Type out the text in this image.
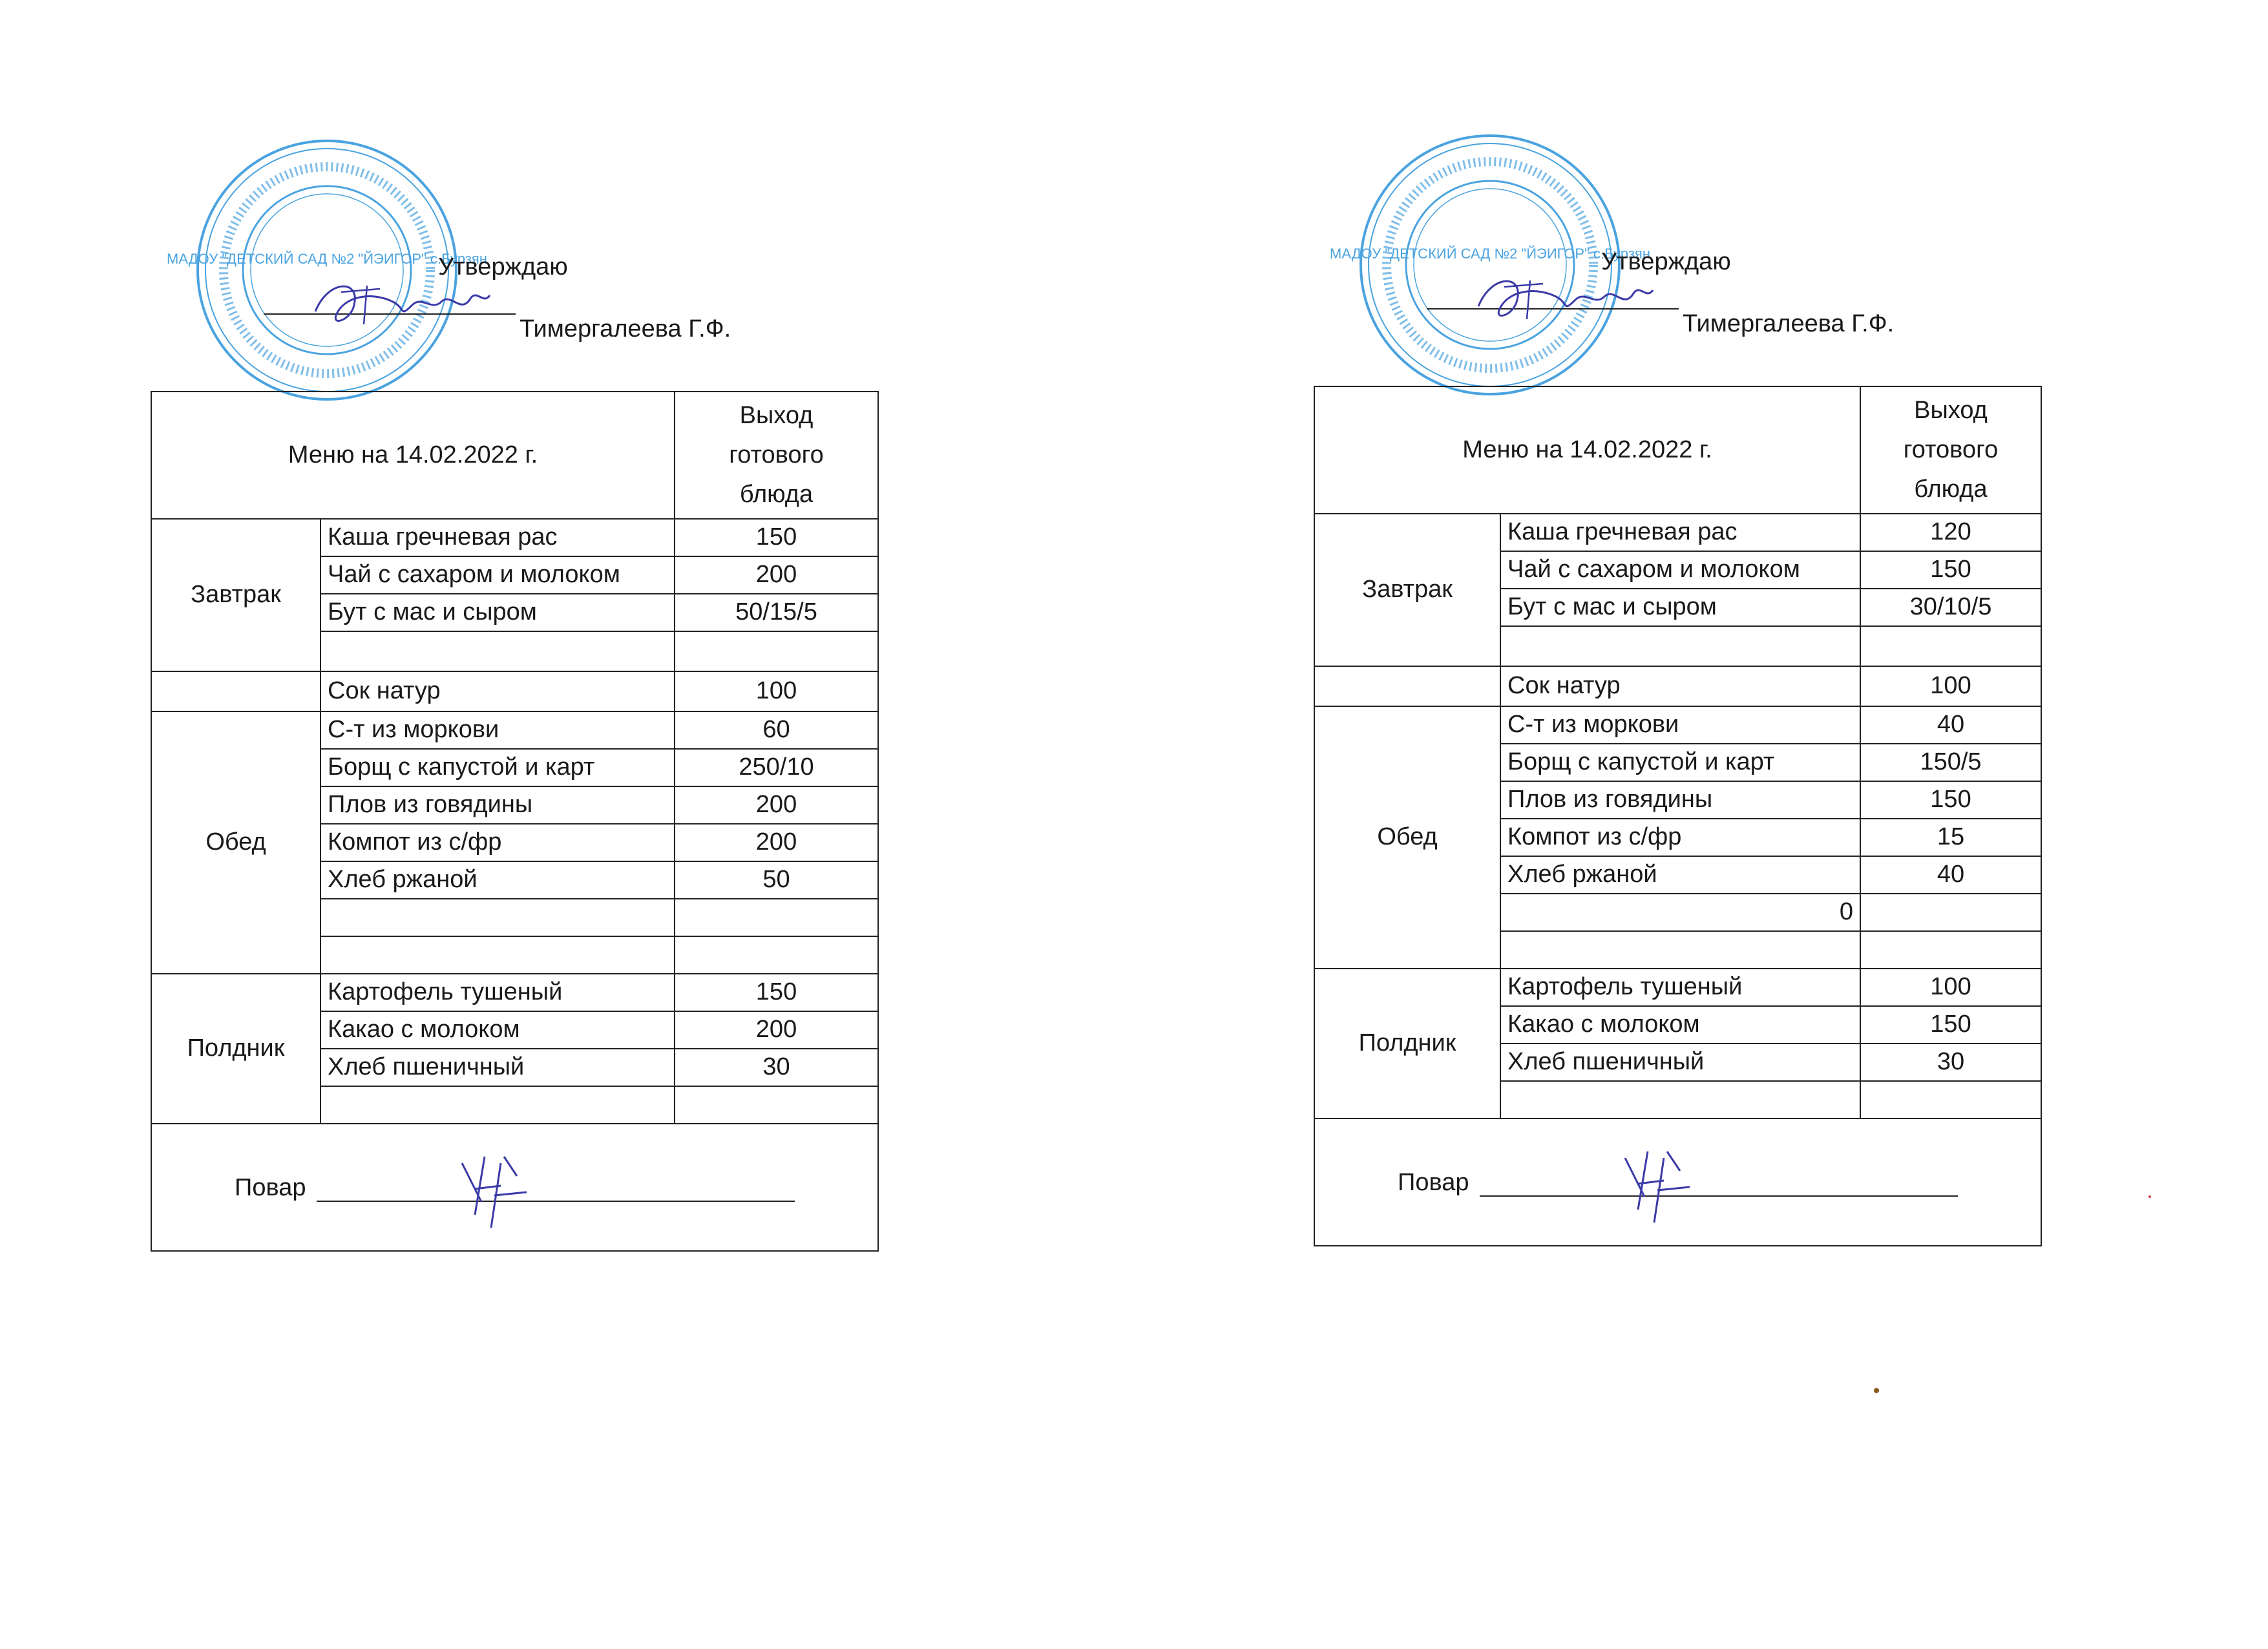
МАДОУ "ДЕТСКИЙ САД №2 "ЙЭИГОР" с.Бурзян
Утверждаю
Тимергалеева Г.Ф.
Меню на 14.02.2022 г.		Выход
готового
блюда
Завтрак	Каша гречневая рас	150
	Чай с сахаром и молоком	200
	Бут с мас и сыром	50/15/5

	Сок натур	100
Обед	С-т из моркови	60
	Борщ с капустой и карт	250/10
	Плов из говядины	200
	Компот из с/фр	200
	Хлеб ржаной	50

Полдник	Картофель тушеный	150
	Какао с молоком	200
	Хлеб пшеничный	30

Повар		
МАДОУ "ДЕТСКИЙ САД №2 "ЙЭИГОР" с.Бурзян
Утверждаю
Тимергалеева Г.Ф.
Меню на 14.02.2022 г.		Выход
готового
блюда
Завтрак	Каша гречневая рас	120
	Чай с сахаром и молоком	150
	Бут с мас и сыром	30/10/5

	Сок натур	100
Обед	С-т из моркови	40
	Борщ с капустой и карт	150/5
	Плов из говядины	150
	Компот из с/фр	15
	Хлеб ржаной	40
	0	

Полдник	Картофель тушеный	100
	Какао с молоком	150
	Хлеб пшеничный	30

Повар		
